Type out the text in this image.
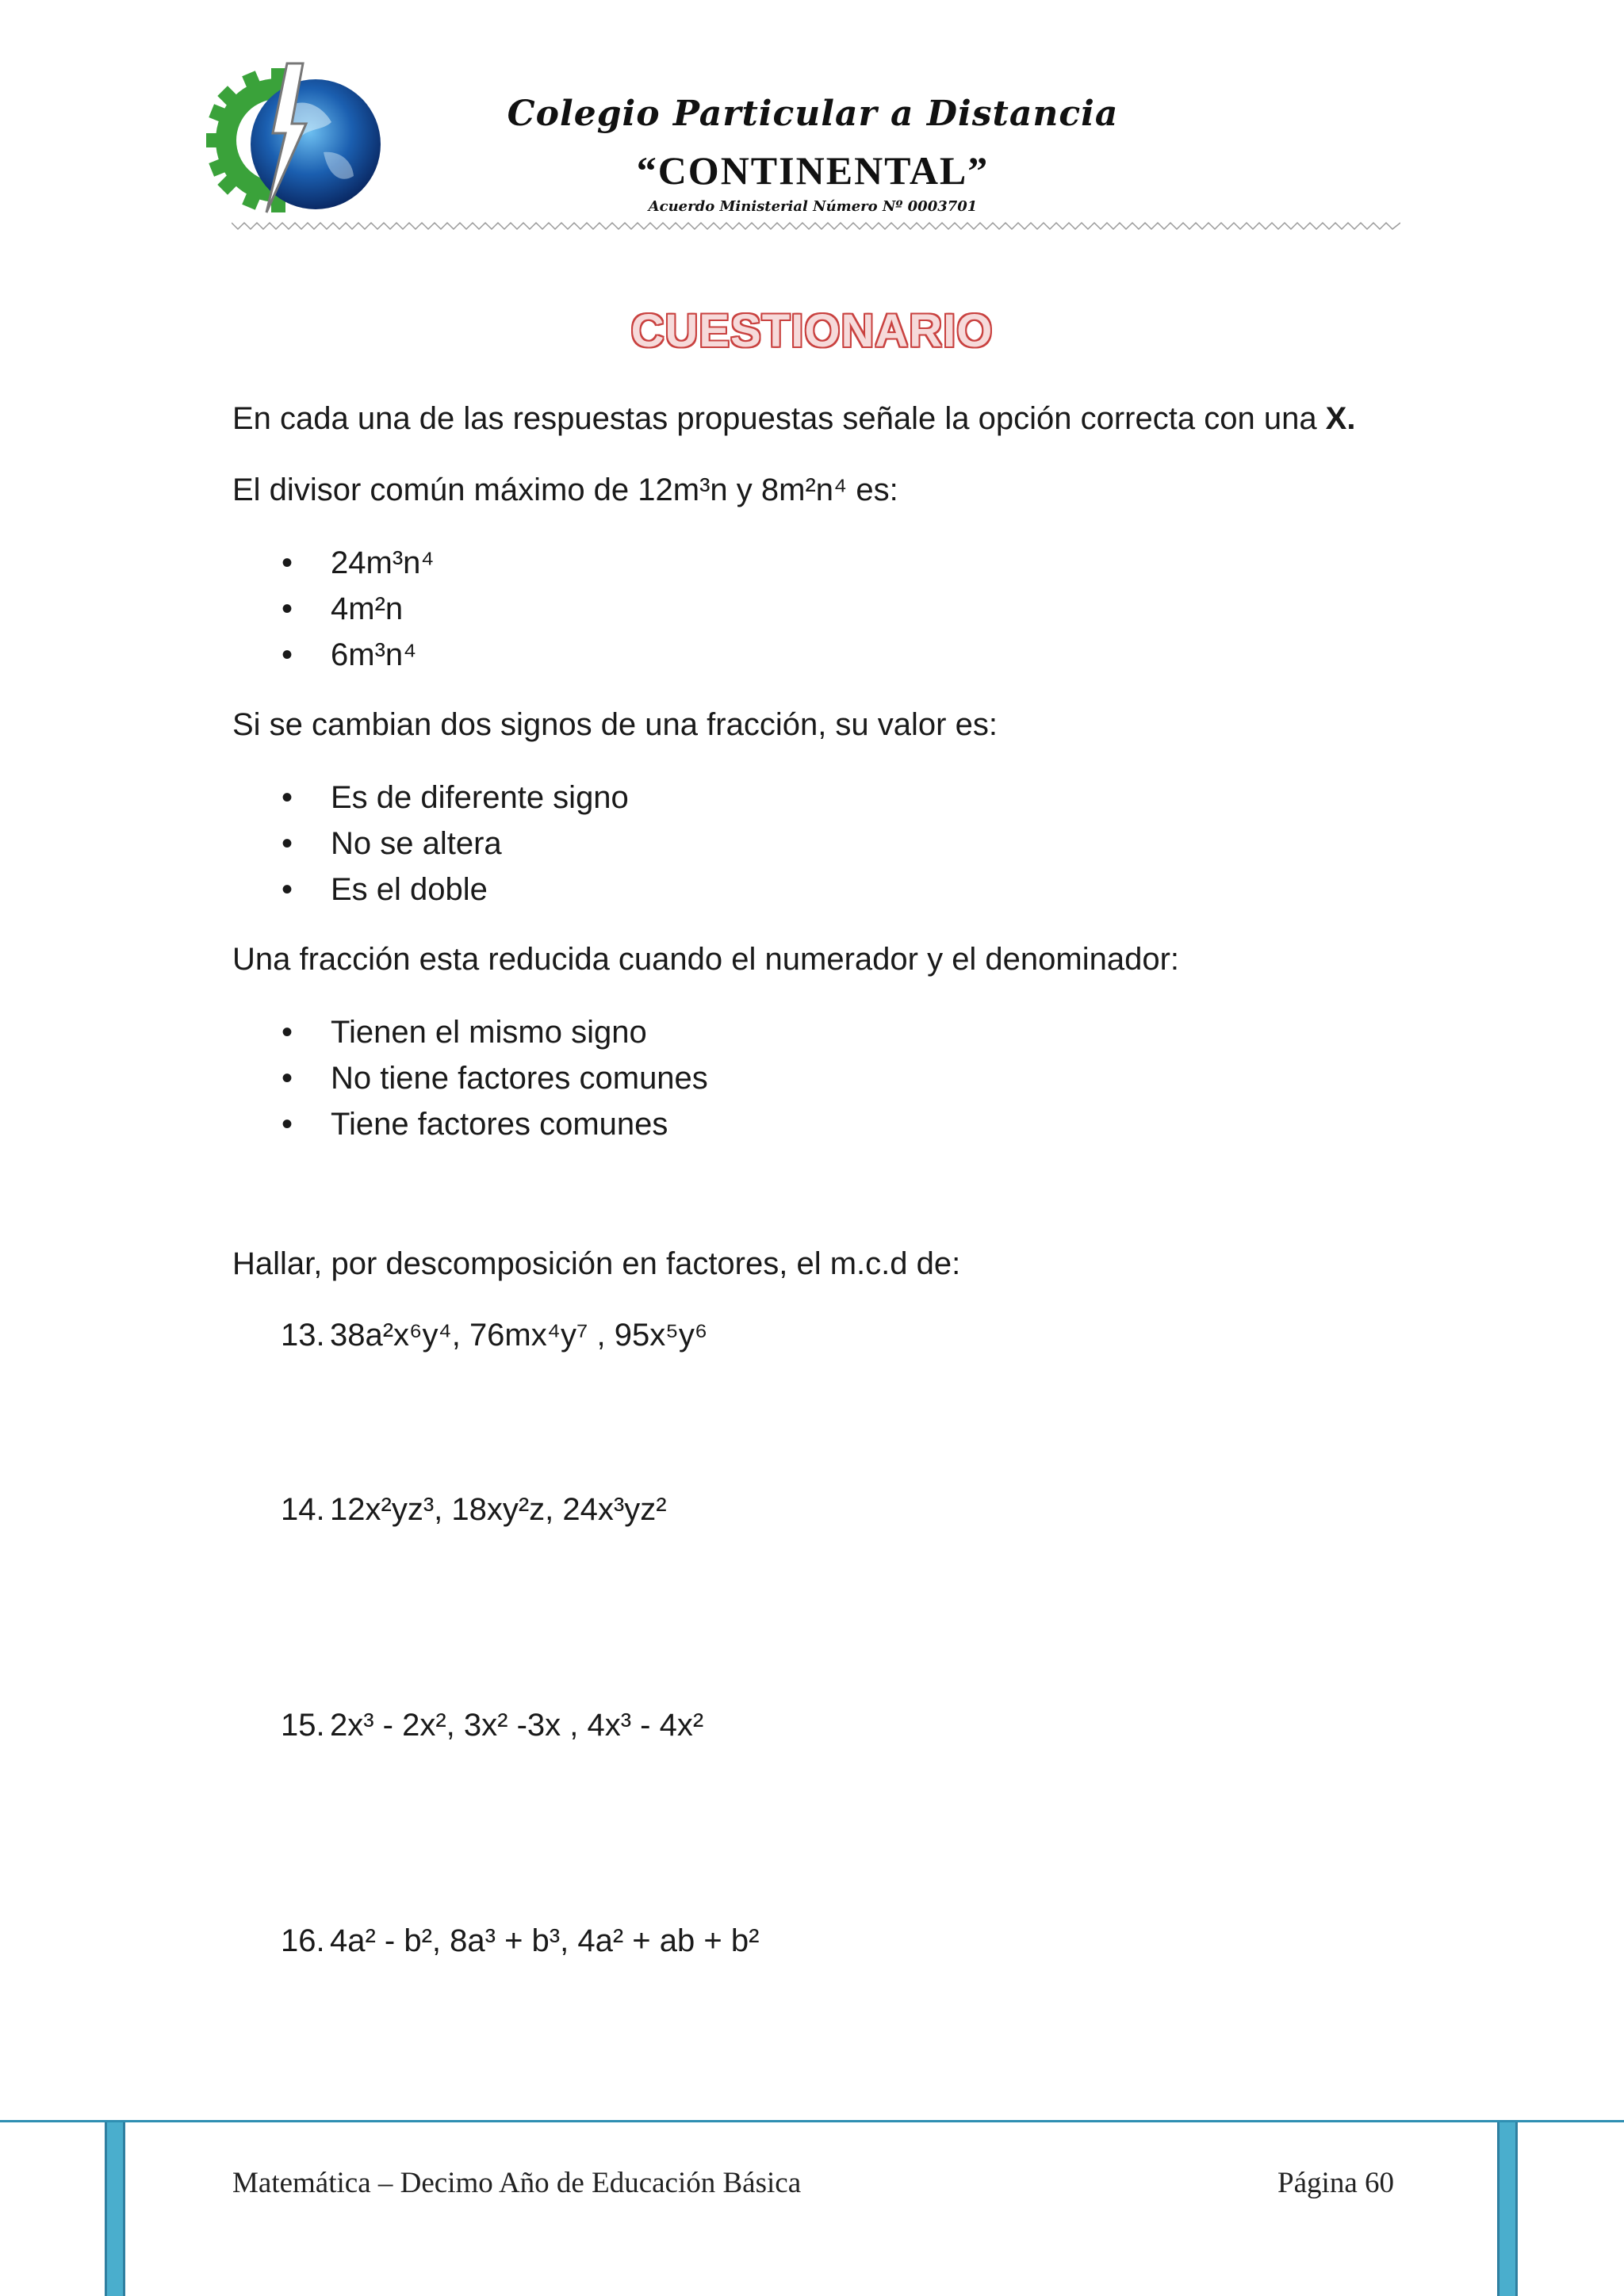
Colegio Particular a Distancia
“CONTINENTAL”
Acuerdo Ministerial Número Nº 0003701
CUESTIONARIO
En cada una de las respuestas propuestas señale la opción correcta con una X.
El divisor común máximo de 12m³n y 8m²n⁴ es:
• 24m³n⁴
• 4m²n
• 6m³n⁴
Si se cambian dos signos de una fracción, su valor es:
• Es de diferente signo
• No se altera
• Es el doble
Una fracción esta reducida cuando el numerador y el denominador:
• Tienen el mismo signo
• No tiene factores comunes
• Tiene factores comunes
Hallar, por descomposición en factores, el m.c.d de:
13. 38a²x⁶y⁴, 76mx⁴y⁷ , 95x⁵y⁶
14. 12x²yz³, 18xy²z, 24x³yz²
15. 2x³ - 2x², 3x² -3x , 4x³ - 4x²
16. 4a² - b², 8a³ + b³, 4a² + ab + b²
Matemática – Decimo Año de Educación Básica	Página 60
